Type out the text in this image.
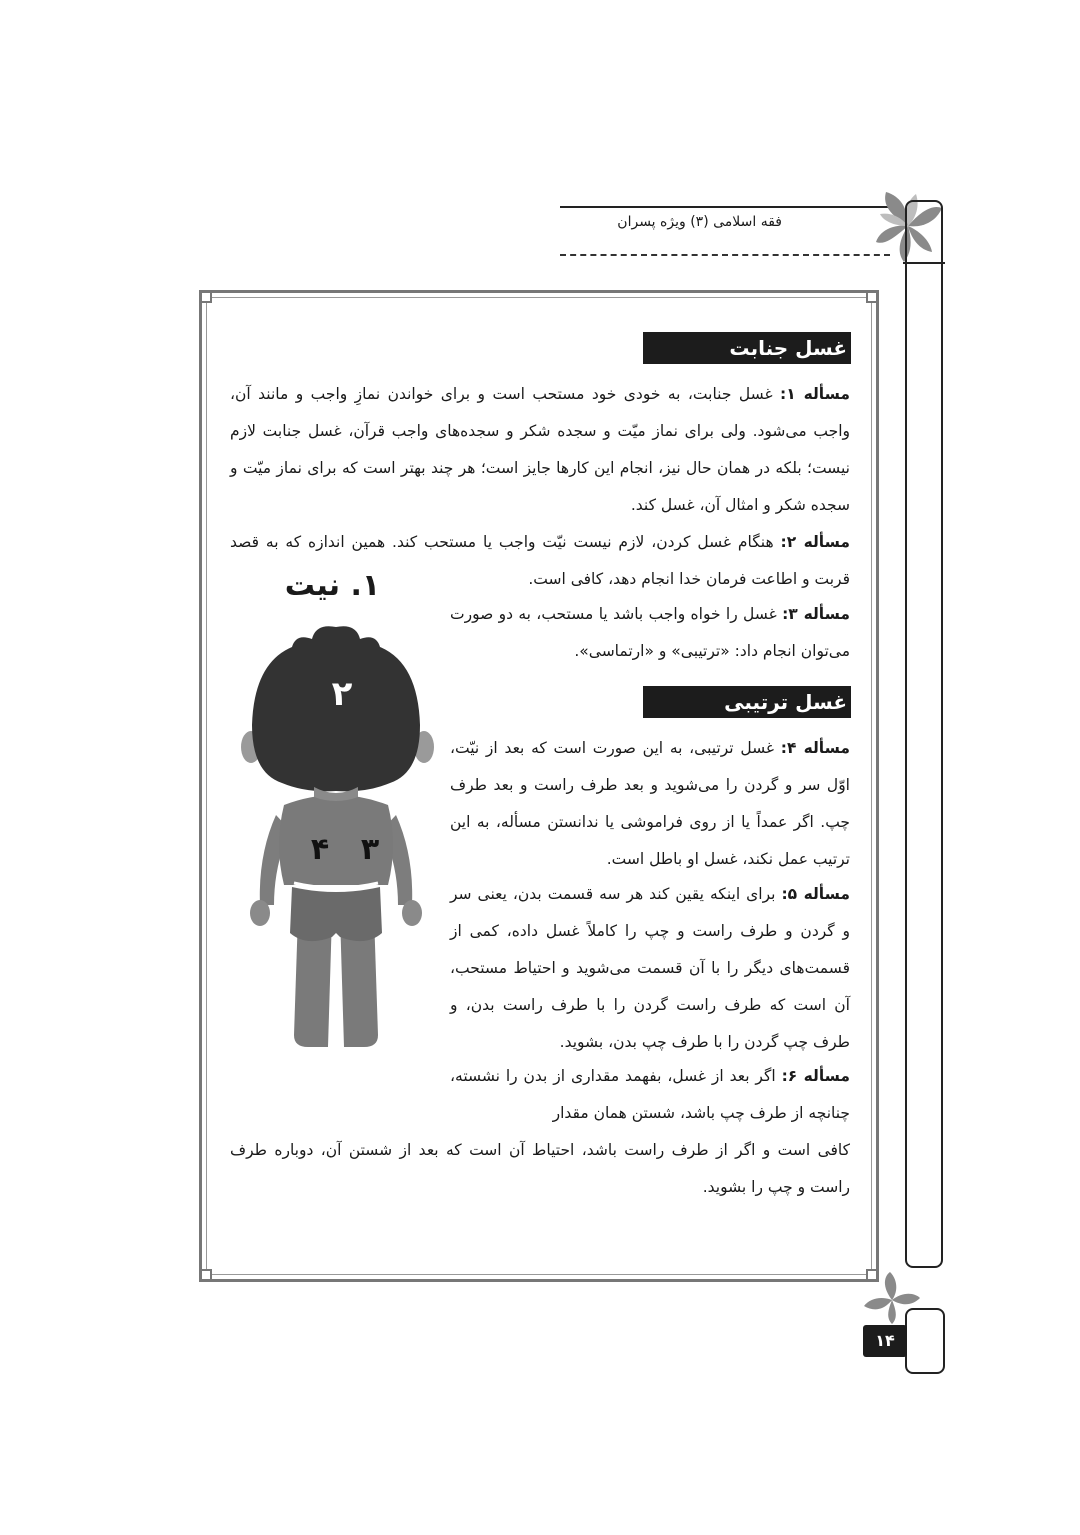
فقه اسلامی (۳) ویژه پسران
غسل جنابت
مسأله ۱: غسل جنابت، به خودی خود مستحب است و برای خواندن نمازِ واجب و مانند آن، واجب می‌شود. ولی برای نماز میّت و سجده شکر و سجده‌های واجب قرآن، غسل جنابت لازم نیست؛ بلکه در همان حال نیز، انجام این کارها جایز است؛ هر چند بهتر است که برای نماز میّت و سجده شکر و امثال آن، غسل کند.
مسأله ۲: هنگام غسل کردن، لازم نیست نیّت واجب یا مستحب کند. همین اندازه که به قصد قربت و اطاعت فرمان خدا انجام دهد، کافی است.
مسأله ۳: غسل را خواه واجب باشد یا مستحب، به دو صورت می‌توان انجام داد: «ترتیبی» و «ارتماسی».
غسل ترتیبی
مسأله ۴: غسل ترتیبی، به این صورت است که بعد از نیّت، اوّل سر و گردن را می‌شوید و بعد طرف راست و بعد طرف چپ. اگر عمداً یا از روی فراموشی یا ندانستن مسأله، به این ترتیب عمل نکند، غسل او باطل است.
مسأله ۵: برای اینکه یقین کند هر سه قسمت بدن، یعنی سر و گردن و طرف راست و چپ را کاملاً غسل داده، کمی از قسمت‌های دیگر را با آن قسمت می‌شوید و احتیاط مستحب، آن است که طرف راست گردن را با طرف راست بدن، و طرف چپ گردن را با طرف چپ بدن، بشوید.
مسأله ۶: اگر بعد از غسل، بفهمد مقداری از بدن را نشسته، چنانچه از طرف چپ باشد، شستن همان مقدار
کافی است و اگر از طرف راست باشد، احتیاط آن است که بعد از شستن آن، دوباره طرف راست و چپ را بشوید.
۱. نیت
۲
۳
۴
۱۴
